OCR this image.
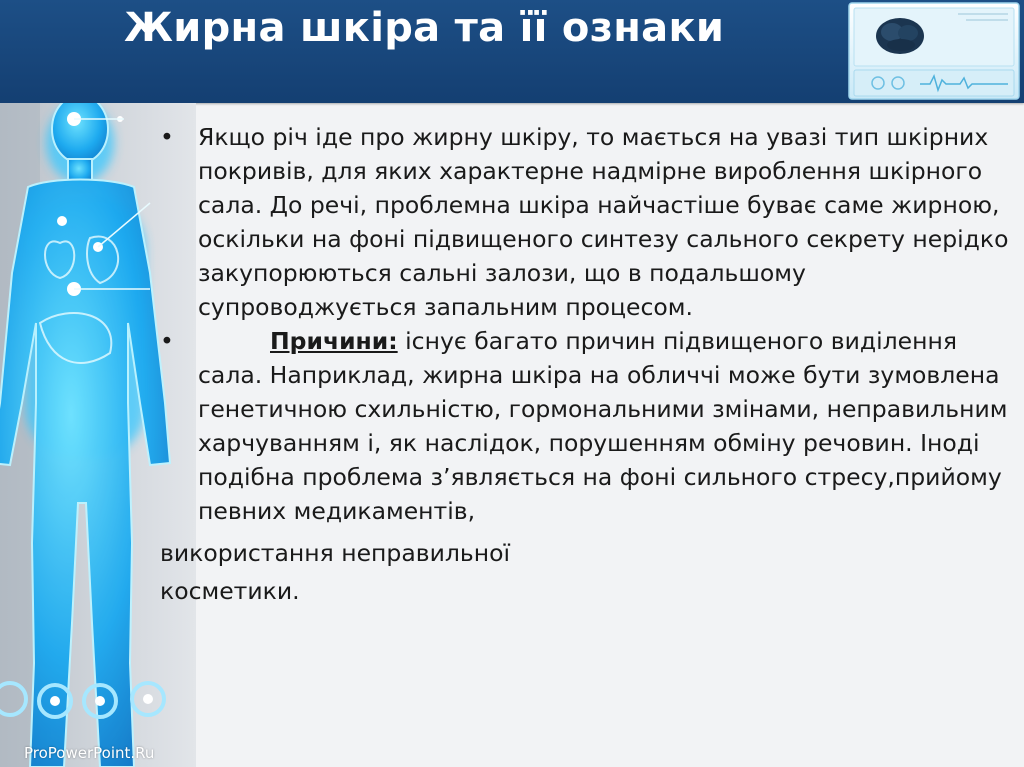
Жирна шкіра та її ознаки
ProPowerPoint.Ru

• Якщо річ іде про жирну шкіру, то мається на увазі тип шкірних покривів, для яких характерне надмірне вироблення шкірного сала. До речі, проблемна шкіра найчастіше буває саме жирною, оскільки на фоні підвищеного синтезу сального секрету нерідко закупорюються сальні залози, що в подальшому супроводжується запальним процесом.

•	Причини: існує багато причин підвищеного виділення сала. Наприклад, жирна шкіра на обличчі може бути зумовлена генетичною схильністю, гормональними змінами, неправильним харчуванням і, як наслідок, порушенням обміну речовин. Іноді подібна проблема з’являється на фоні сильного стресу,прийому певних медикаментів,

використання неправильної
косметики.
